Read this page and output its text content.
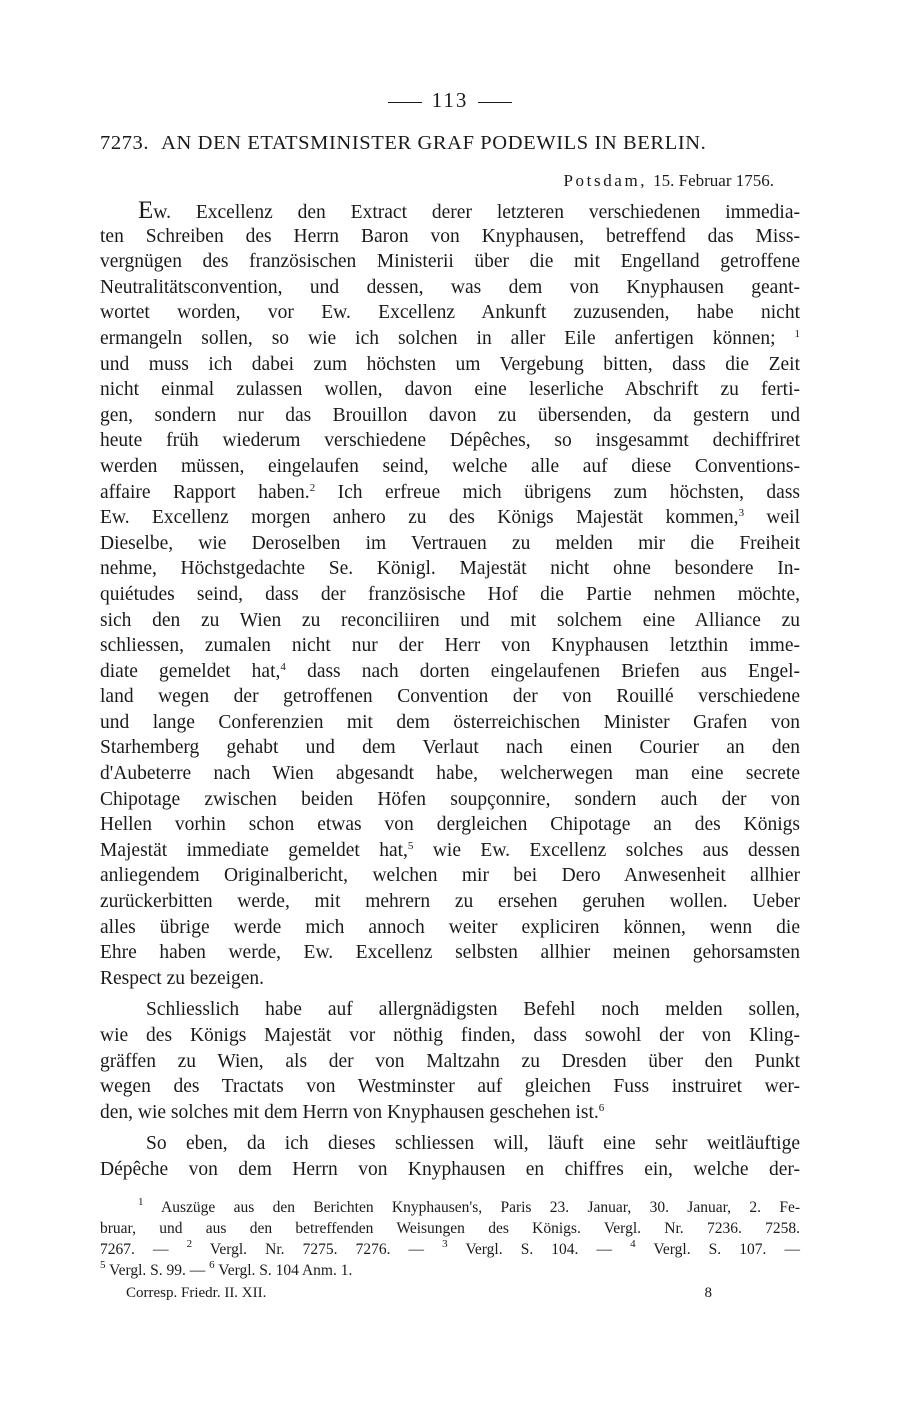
113
7273. AN DEN ETATSMINISTER GRAF PODEWILS IN BERLIN.
Potsdam, 15. Februar 1756.
Ew. Excellenz den Extract derer letzteren verschiedenen immedia-
ten Schreiben des Herrn Baron von Knyphausen, betreffend das Miss-
vergnügen des französischen Ministerii über die mit Engelland getroffene
Neutralitätsconvention, und dessen, was dem von Knyphausen geant-
wortet worden, vor Ew. Excellenz Ankunft zuzusenden, habe nicht
ermangeln sollen, so wie ich solchen in aller Eile anfertigen können; $^1$
und muss ich dabei zum höchsten um Vergebung bitten, dass die Zeit
nicht einmal zulassen wollen, davon eine leserliche Abschrift zu ferti-
gen, sondern nur das Brouillon davon zu übersenden, da gestern und
heute früh wiederum verschiedene Dépêches, so insgesammt dechiffriret
werden müssen, eingelaufen seind, welche alle auf diese Conventions-
affaire Rapport haben.$^2$ Ich erfreue mich übrigens zum höchsten, dass
Ew. Excellenz morgen anhero zu des Königs Majestät kommen,$^3$ weil
Dieselbe, wie Deroselben im Vertrauen zu melden mir die Freiheit
nehme, Höchstgedachte Se. Königl. Majestät nicht ohne besondere In-
quiétudes seind, dass der französische Hof die Partie nehmen möchte,
sich den zu Wien zu reconciliiren und mit solchem eine Alliance zu
schliessen, zumalen nicht nur der Herr von Knyphausen letzthin imme-
diate gemeldet hat,$^4$ dass nach dorten eingelaufenen Briefen aus Engel-
land wegen der getroffenen Convention der von Rouillé verschiedene
und lange Conferenzien mit dem österreichischen Minister Grafen von
Starhemberg gehabt und dem Verlaut nach einen Courier an den
d'Aubeterre nach Wien abgesandt habe, welcherwegen man eine secrete
Chipotage zwischen beiden Höfen soupçonnire, sondern auch der von
Hellen vorhin schon etwas von dergleichen Chipotage an des Königs
Majestät immediate gemeldet hat,$^5$ wie Ew. Excellenz solches aus dessen
anliegendem Originalbericht, welchen mir bei Dero Anwesenheit allhier
zurückerbitten werde, mit mehrern zu ersehen geruhen wollen. Ueber
alles übrige werde mich annoch weiter expliciren können, wenn die
Ehre haben werde, Ew. Excellenz selbsten allhier meinen gehorsamsten
Respect zu bezeigen.
Schliesslich habe auf allergnädigsten Befehl noch melden sollen,
wie des Königs Majestät vor nöthig finden, dass sowohl der von Kling-
gräffen zu Wien, als der von Maltzahn zu Dresden über den Punkt
wegen des Tractats von Westminster auf gleichen Fuss instruiret wer-
den, wie solches mit dem Herrn von Knyphausen geschehen ist.$^6$
So eben, da ich dieses schliessen will, läuft eine sehr weitläuftige
Dépêche von dem Herrn von Knyphausen en chiffres ein, welche der-
$^1$ Auszüge aus den Berichten Knyphausen's, Paris 23. Januar, 30. Januar, 2. Fe-
bruar, und aus den betreffenden Weisungen des Königs. Vergl. Nr. 7236. 7258.
7267. — $^2$ Vergl. Nr. 7275. 7276. — $^3$ Vergl. S. 104. — $^4$ Vergl. S. 107. —
$^5$ Vergl. S. 99. — $^6$ Vergl. S. 104 Anm. 1.
Corresp. Friedr. II. XII.	8
